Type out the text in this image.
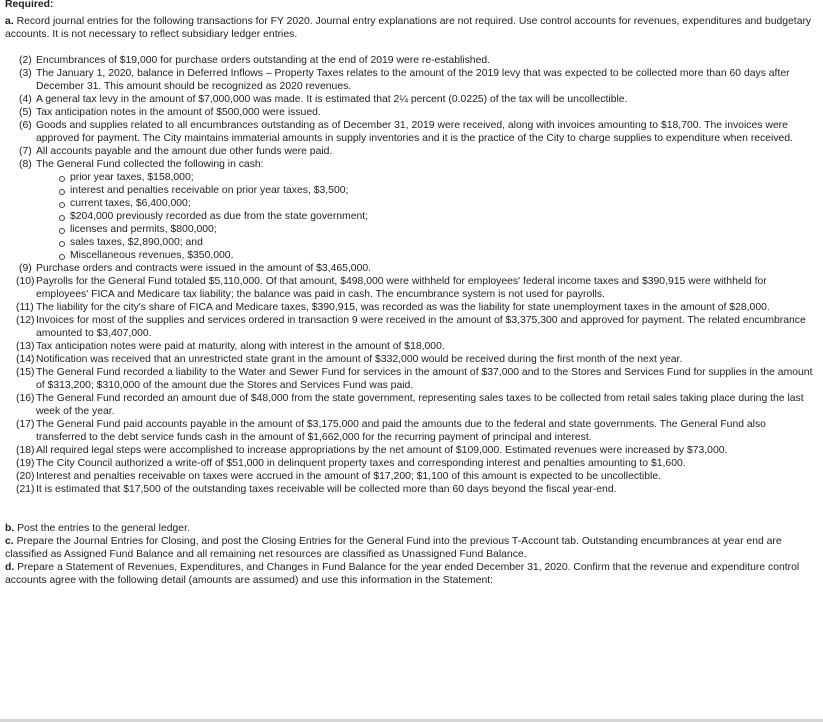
Required:

a. Record journal entries for the following transactions for FY 2020. Journal entry explanations are not required. Use control accounts for revenues, expenditures and budgetary accounts. It is not necessary to reflect subsidiary ledger entries.

(2) Encumbrances of $19,000 for purchase orders outstanding at the end of 2019 were re-established.
(3) The January 1, 2020, balance in Deferred Inflows – Property Taxes relates to the amount of the 2019 levy that was expected to be collected more than 60 days after December 31. This amount should be recognized as 2020 revenues.
(4) A general tax levy in the amount of $7,000,000 was made. It is estimated that 2¼ percent (0.0225) of the tax will be uncollectible.
(5) Tax anticipation notes in the amount of $500,000 were issued.
(6) Goods and supplies related to all encumbrances outstanding as of December 31, 2019 were received, along with invoices amounting to $18,700. The invoices were approved for payment. The City maintains immaterial amounts in supply inventories and it is the practice of the City to charge supplies to expenditure when received.
(7) All accounts payable and the amount due other funds were paid.
(8) The General Fund collected the following in cash:
prior year taxes, $158,000;
interest and penalties receivable on prior year taxes, $3,500;
current taxes, $6,400,000;
$204,000 previously recorded as due from the state government;
licenses and permits, $800,000;
sales taxes, $2,890,000; and
Miscellaneous revenues, $350,000.
(9) Purchase orders and contracts were issued in the amount of $3,465,000.
(10) Payrolls for the General Fund totaled $5,110,000. Of that amount, $498,000 were withheld for employees' federal income taxes and $390,915 were withheld for employees' FICA and Medicare tax liability; the balance was paid in cash. The encumbrance system is not used for payrolls.
(11) The liability for the city's share of FICA and Medicare taxes, $390,915, was recorded as was the liability for state unemployment taxes in the amount of $28,000.
(12) Invoices for most of the supplies and services ordered in transaction 9 were received in the amount of $3,375,300 and approved for payment. The related encumbrance amounted to $3,407,000.
(13) Tax anticipation notes were paid at maturity, along with interest in the amount of $18,000.
(14) Notification was received that an unrestricted state grant in the amount of $332,000 would be received during the first month of the next year.
(15) The General Fund recorded a liability to the Water and Sewer Fund for services in the amount of $37,000 and to the Stores and Services Fund for supplies in the amount of $313,200; $310,000 of the amount due the Stores and Services Fund was paid.
(16) The General Fund recorded an amount due of $48,000 from the state government, representing sales taxes to be collected from retail sales taking place during the last week of the year.
(17) The General Fund paid accounts payable in the amount of $3,175,000 and paid the amounts due to the federal and state governments. The General Fund also transferred to the debt service funds cash in the amount of $1,662,000 for the recurring payment of principal and interest.
(18) All required legal steps were accomplished to increase appropriations by the net amount of $109,000. Estimated revenues were increased by $73,000.
(19) The City Council authorized a write-off of $51,000 in delinquent property taxes and corresponding interest and penalties amounting to $1,600.
(20) Interest and penalties receivable on taxes were accrued in the amount of $17,200; $1,100 of this amount is expected to be uncollectible.
(21) It is estimated that $17,500 of the outstanding taxes receivable will be collected more than 60 days beyond the fiscal year-end.

b. Post the entries to the general ledger.

c. Prepare the Journal Entries for Closing, and post the Closing Entries for the General Fund into the previous T-Account tab. Outstanding encumbrances at year end are classified as Assigned Fund Balance and all remaining net resources are classified as Unassigned Fund Balance.

d. Prepare a Statement of Revenues, Expenditures, and Changes in Fund Balance for the year ended December 31, 2020. Confirm that the revenue and expenditure control accounts agree with the following detail (amounts are assumed) and use this information in the Statement:
